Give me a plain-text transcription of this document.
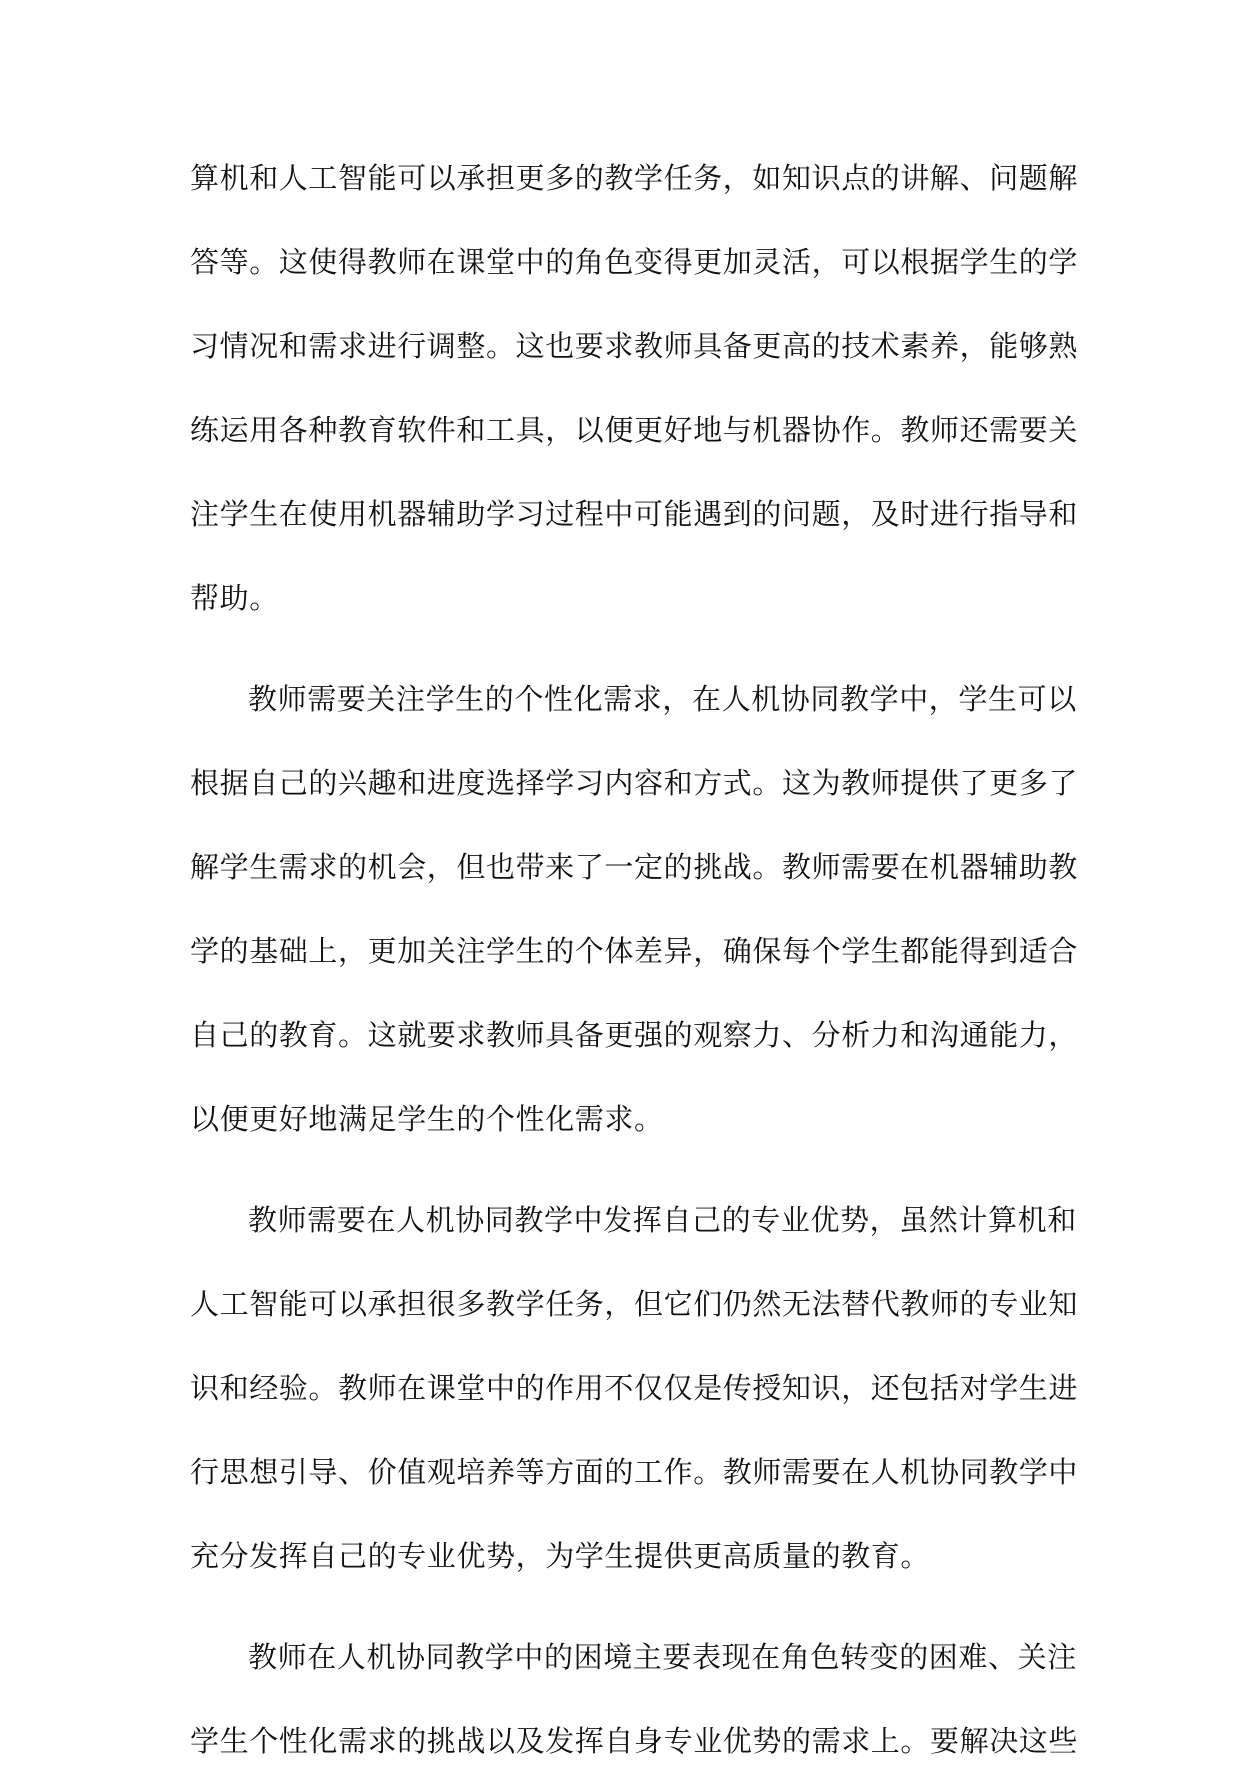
算机和人工智能可以承担更多的教学任务，如知识点的讲解、问题解
答等。这使得教师在课堂中的角色变得更加灵活，可以根据学生的学
习情况和需求进行调整。这也要求教师具备更高的技术素养，能够熟
练运用各种教育软件和工具，以便更好地与机器协作。教师还需要关
注学生在使用机器辅助学习过程中可能遇到的问题，及时进行指导和
帮助。
教师需要关注学生的个性化需求，在人机协同教学中，学生可以
根据自己的兴趣和进度选择学习内容和方式。这为教师提供了更多了
解学生需求的机会，但也带来了一定的挑战。教师需要在机器辅助教
学的基础上，更加关注学生的个体差异，确保每个学生都能得到适合
自己的教育。这就要求教师具备更强的观察力、分析力和沟通能力，
以便更好地满足学生的个性化需求。
教师需要在人机协同教学中发挥自己的专业优势，虽然计算机和
人工智能可以承担很多教学任务，但它们仍然无法替代教师的专业知
识和经验。教师在课堂中的作用不仅仅是传授知识，还包括对学生进
行思想引导、价值观培养等方面的工作。教师需要在人机协同教学中
充分发挥自己的专业优势，为学生提供更高质量的教育。
教师在人机协同教学中的困境主要表现在角色转变的困难、关注
学生个性化需求的挑战以及发挥自身专业优势的需求上。要解决这些
